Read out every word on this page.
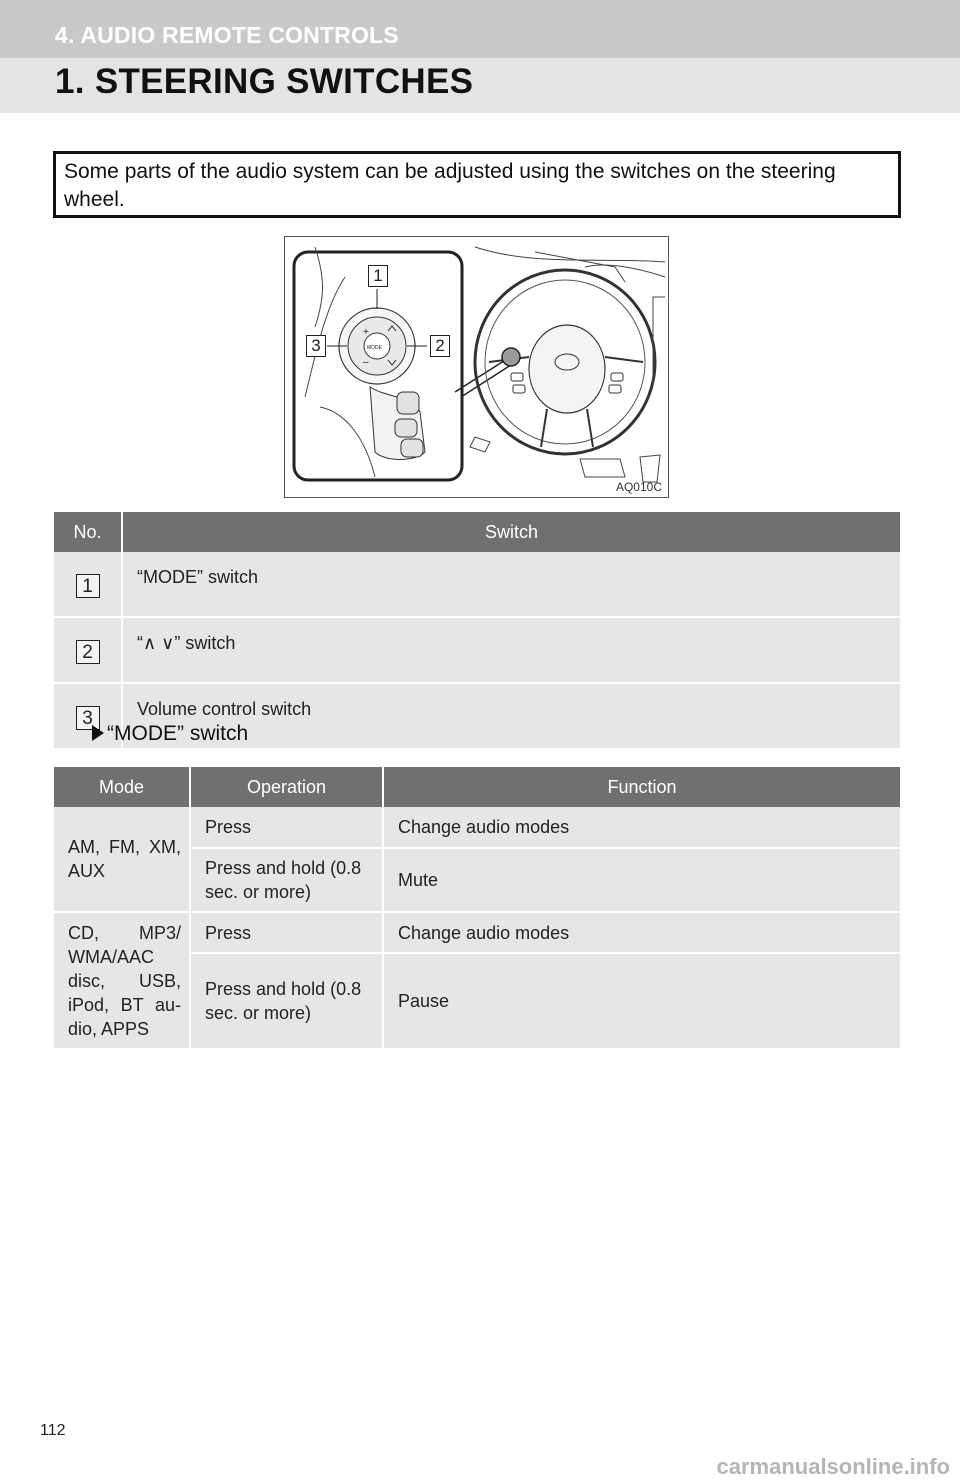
4. AUDIO REMOTE CONTROLS
1. STEERING SWITCHES
Some parts of the audio system can be adjusted using the switches on the steering wheel.
MODE
+
–
1
2
3
AQ010C
No.	Switch
1	“MODE” switch
2	“∧ ∨” switch
3	Volume control switch
“MODE” switch
Mode	Operation	Function
AM, FM, XM, AUX	Press	Change audio modes
	Press and hold (0.8 sec. or more)	Mute
CD, MP3/ WMA/AAC disc, USB, iPod, BT au- dio, APPS	Press	Change audio modes
	Press and hold (0.8 sec. or more)	Pause
112
carmanualsonline.info
